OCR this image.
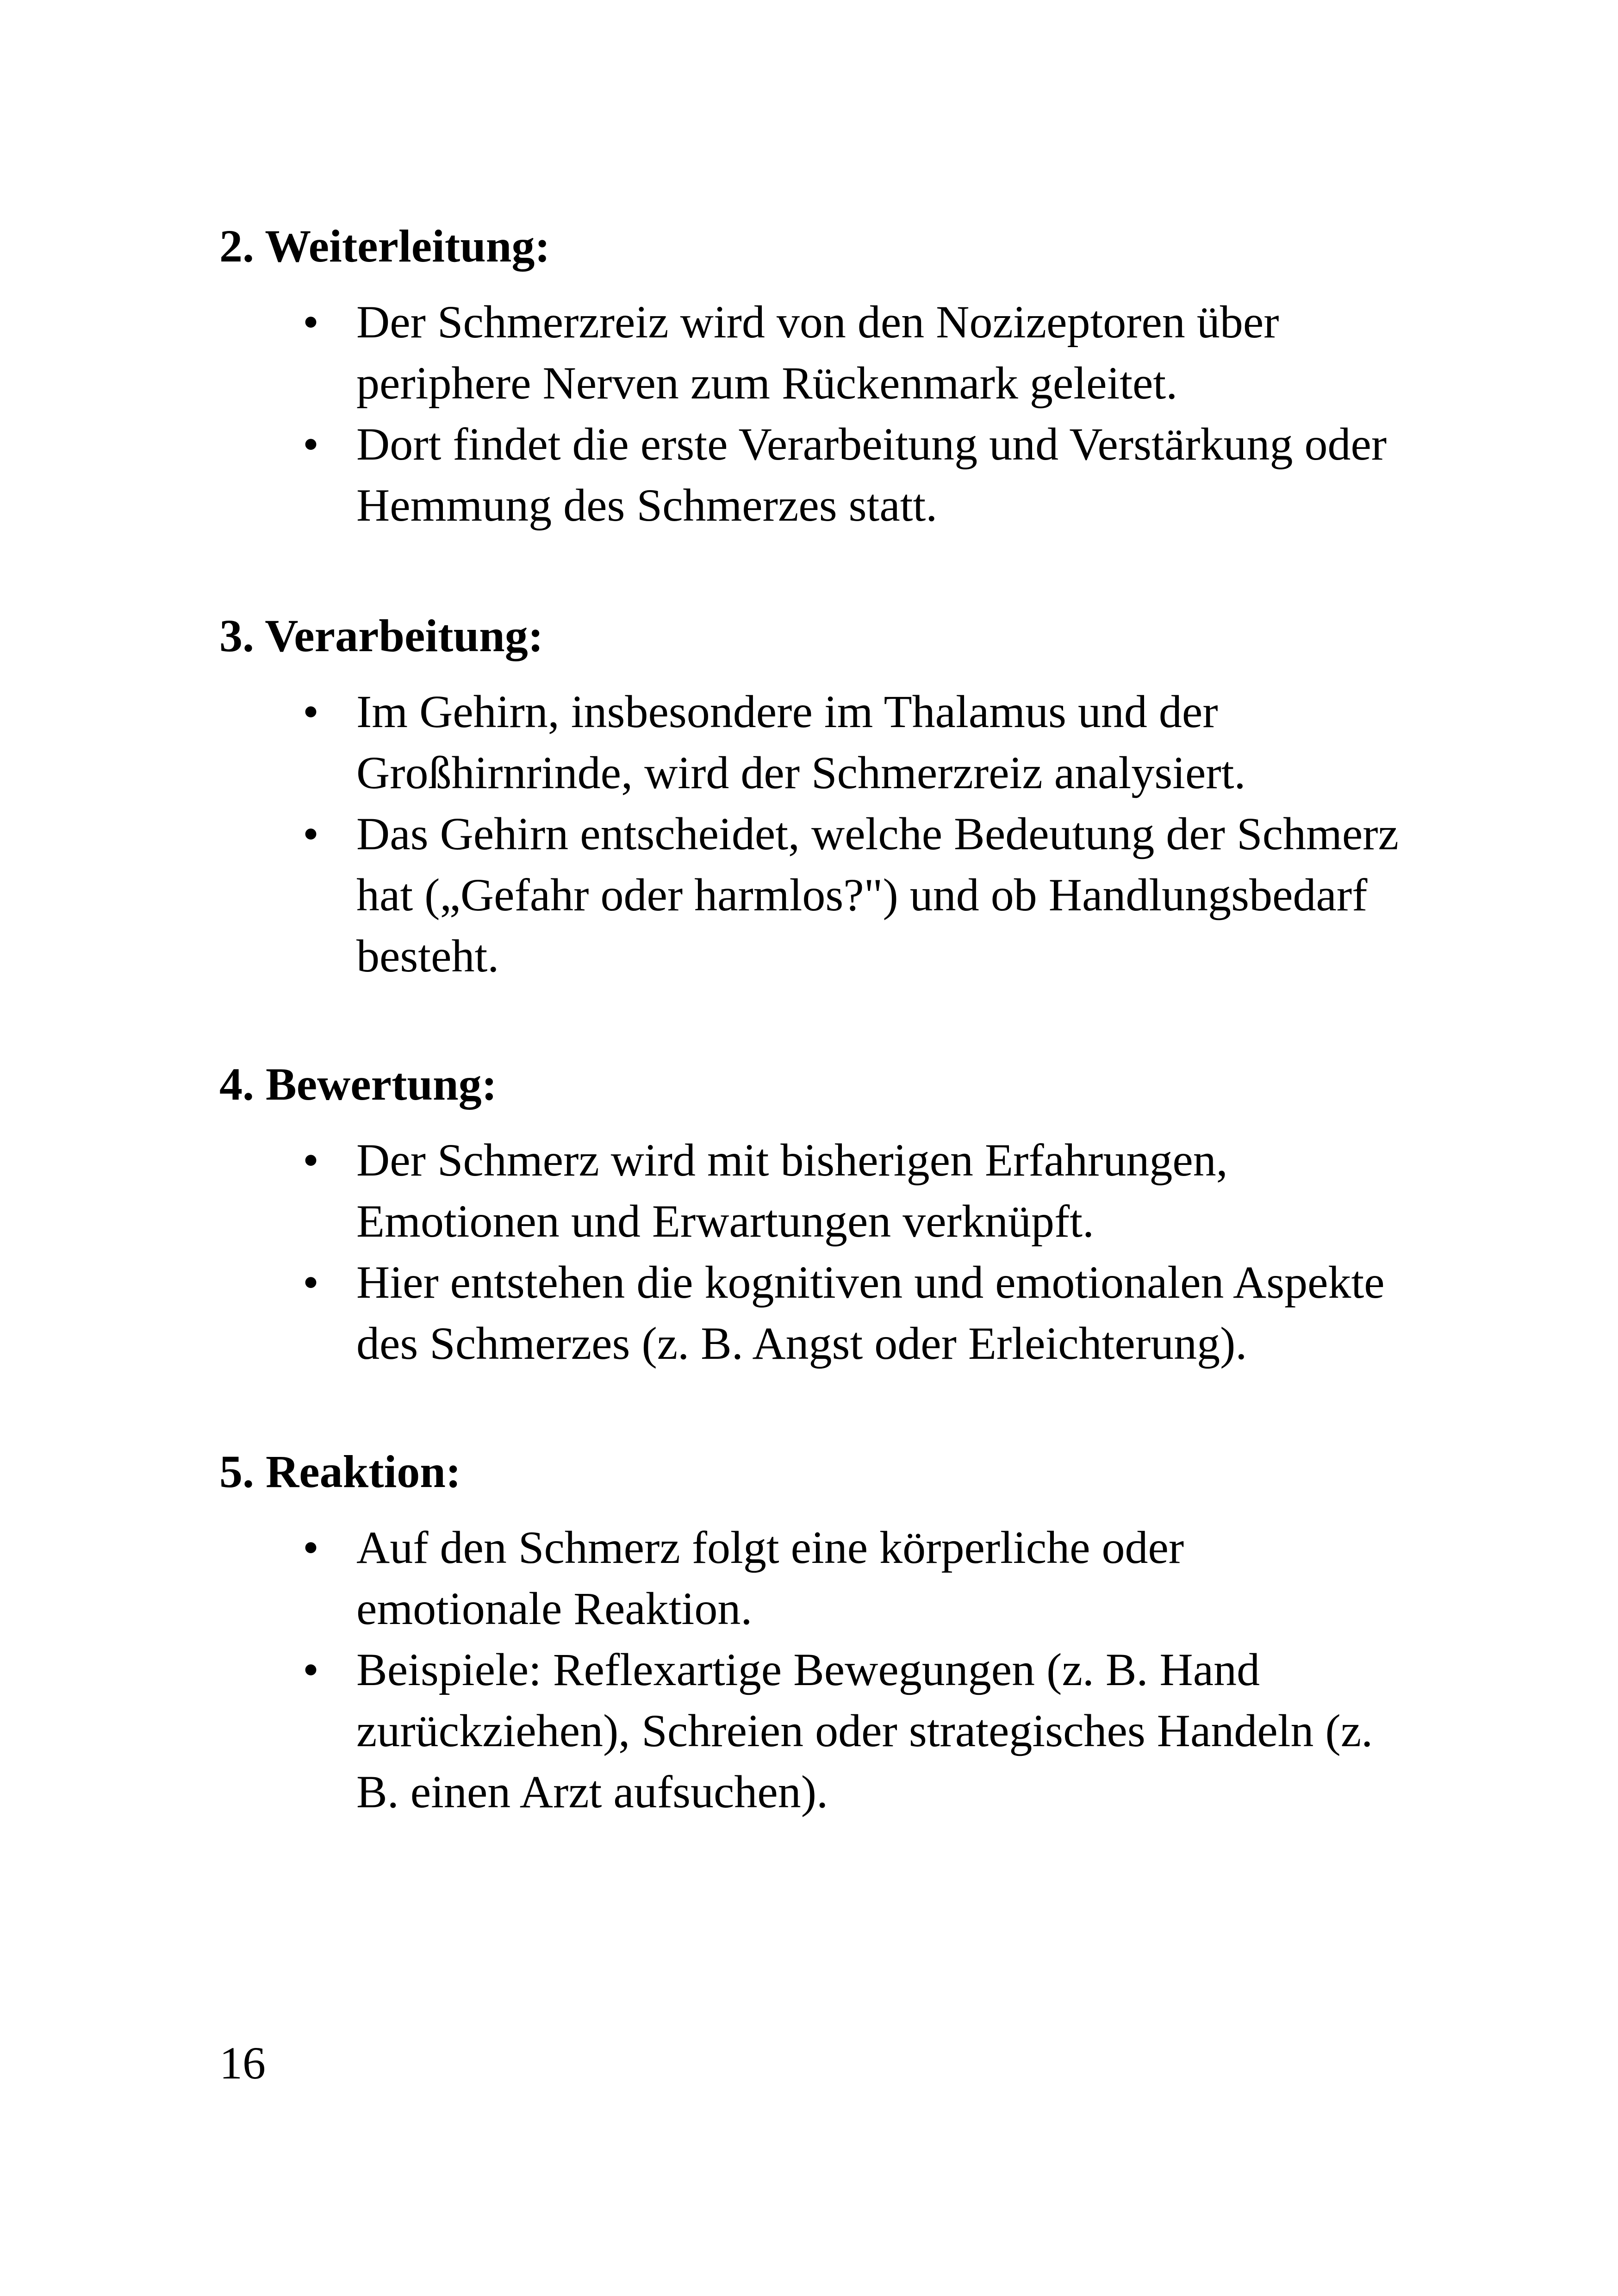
2. Weiterleitung:

• Der Schmerzreiz wird von den Nozizeptoren über
periphere Nerven zum Rückenmark geleitet.
• Dort findet die erste Verarbeitung und Verstärkung oder
Hemmung des Schmerzes statt.

3. Verarbeitung:

• Im Gehirn, insbesondere im Thalamus und der
Großhirnrinde, wird der Schmerzreiz analysiert.
• Das Gehirn entscheidet, welche Bedeutung der Schmerz
hat („Gefahr oder harmlos?") und ob Handlungsbedarf
besteht.

4. Bewertung:

• Der Schmerz wird mit bisherigen Erfahrungen,
Emotionen und Erwartungen verknüpft.
• Hier entstehen die kognitiven und emotionalen Aspekte
des Schmerzes (z. B. Angst oder Erleichterung).

5. Reaktion:

• Auf den Schmerz folgt eine körperliche oder
emotionale Reaktion.
• Beispiele: Reflexartige Bewegungen (z. B. Hand
zurückziehen), Schreien oder strategisches Handeln (z.
B. einen Arzt aufsuchen).
16
